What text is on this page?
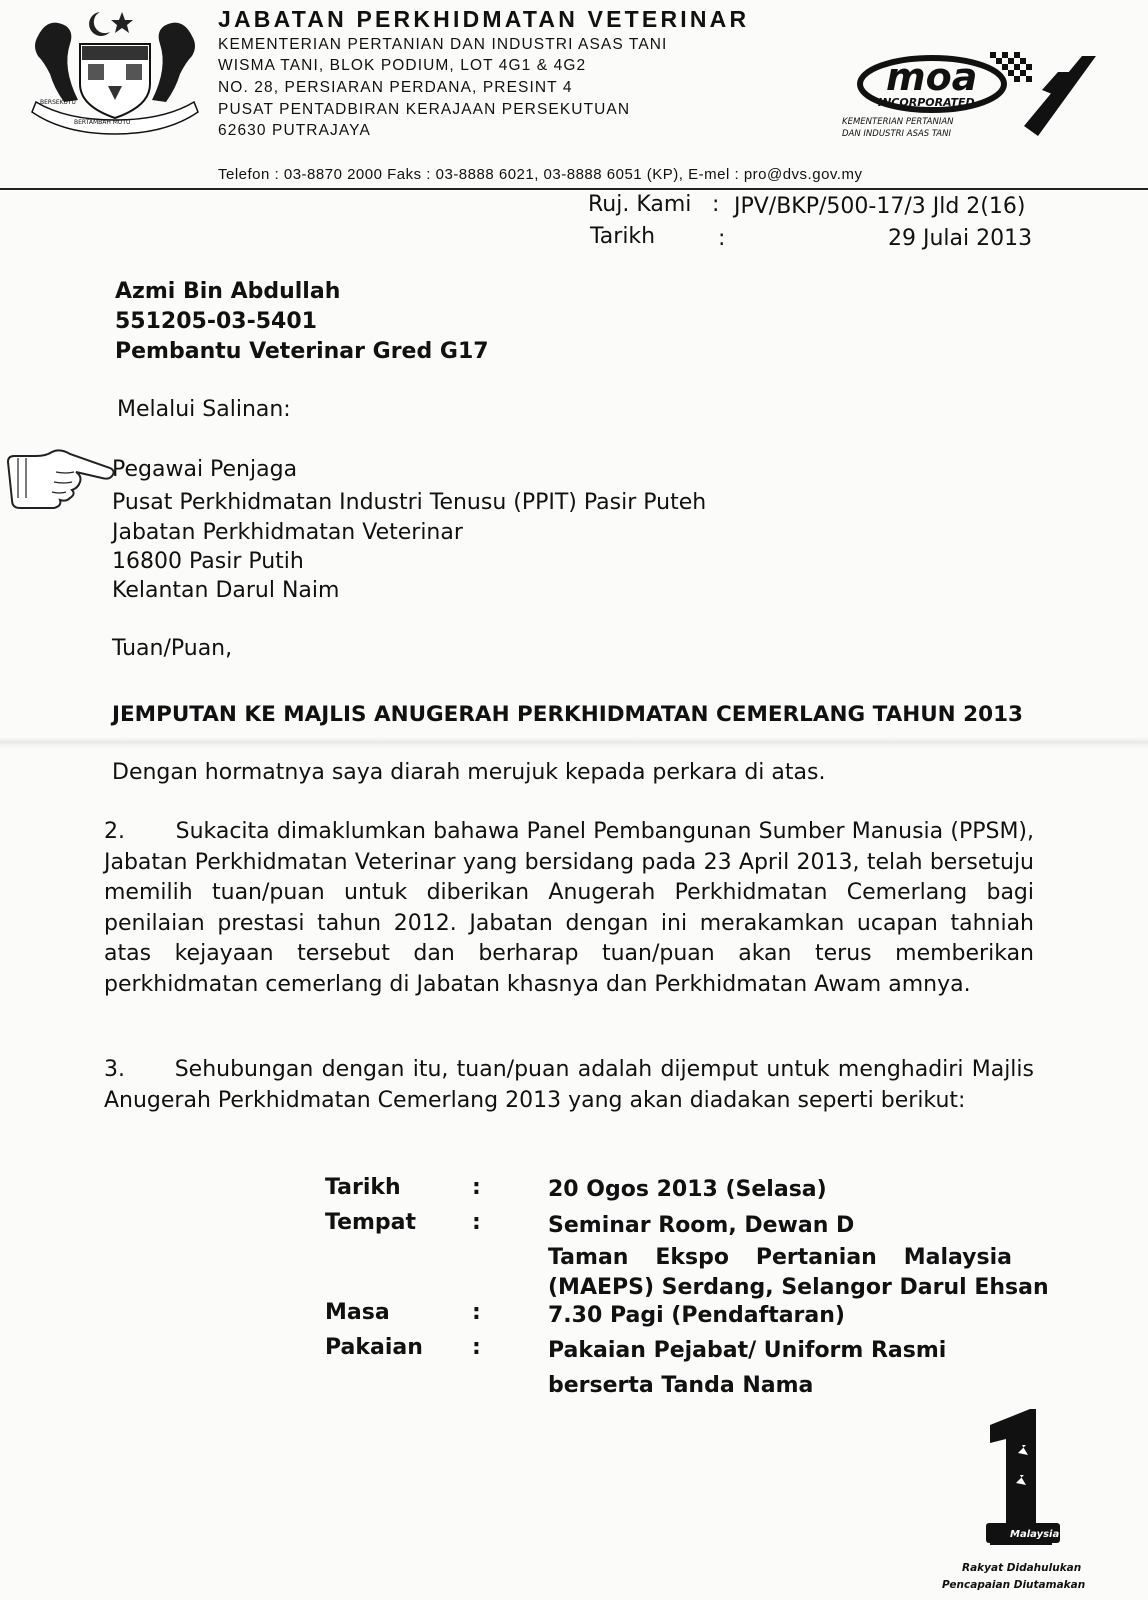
BERSEKUTU
BERTAMBAH MUTU
JABATAN PERKHIDMATAN VETERINAR
KEMENTERIAN PERTANIAN DAN INDUSTRI ASAS TANI
WISMA TANI, BLOK PODIUM, LOT 4G1 & 4G2
NO. 28, PERSIARAN PERDANA, PRESINT 4
PUSAT PENTADBIRAN KERAJAAN PERSEKUTUAN
62630 PUTRAJAYA
moa
INCORPORATED
KEMENTERIAN PERTANIAN
DAN INDUSTRI ASAS TANI
Telefon : 03-8870 2000 Faks : 03-8888 6021, 03-8888 6051 (KP), E-mel : pro@dvs.gov.my
Ruj. Kami : JPV/BKP/500-17/3 Jld 2(16)
Tarikh	:	29 Julai 2013
Azmi Bin Abdullah
551205-03-5401
Pembantu Veterinar Gred G17
Melalui Salinan:
Pegawai Penjaga
Pusat Perkhidmatan Industri Tenusu (PPIT) Pasir Puteh
Jabatan Perkhidmatan Veterinar
16800 Pasir Putih
Kelantan Darul Naim
Tuan/Puan,
JEMPUTAN KE MAJLIS ANUGERAH PERKHIDMATAN CEMERLANG TAHUN 2013
Dengan hormatnya saya diarah merujuk kepada perkara di atas.
2.       Sukacita dimaklumkan bahawa Panel Pembangunan Sumber Manusia (PPSM), Jabatan Perkhidmatan Veterinar yang bersidang pada 23 April 2013, telah bersetuju memilih tuan/puan untuk diberikan Anugerah Perkhidmatan Cemerlang bagi penilaian prestasi tahun 2012. Jabatan dengan ini merakamkan ucapan tahniah atas kejayaan tersebut dan berharap tuan/puan akan terus memberikan perkhidmatan cemerlang di Jabatan khasnya dan Perkhidmatan Awam amnya.
3.      Sehubungan dengan itu, tuan/puan adalah dijemput untuk menghadiri Majlis Anugerah Perkhidmatan Cemerlang 2013 yang akan diadakan seperti berikut:
Tarikh	:	20 Ogos 2013 (Selasa)
Tempat	:	Seminar Room, Dewan D
Taman Ekspo Pertanian Malaysia
(MAEPS) Serdang, Selangor Darul Ehsan
Masa	:	7.30 Pagi (Pendaftaran)
Pakaian :	Pakaian Pejabat/ Uniform Rasmi
berserta Tanda Nama
Malaysia
Rakyat Didahulukan
Pencapaian Diutamakan
